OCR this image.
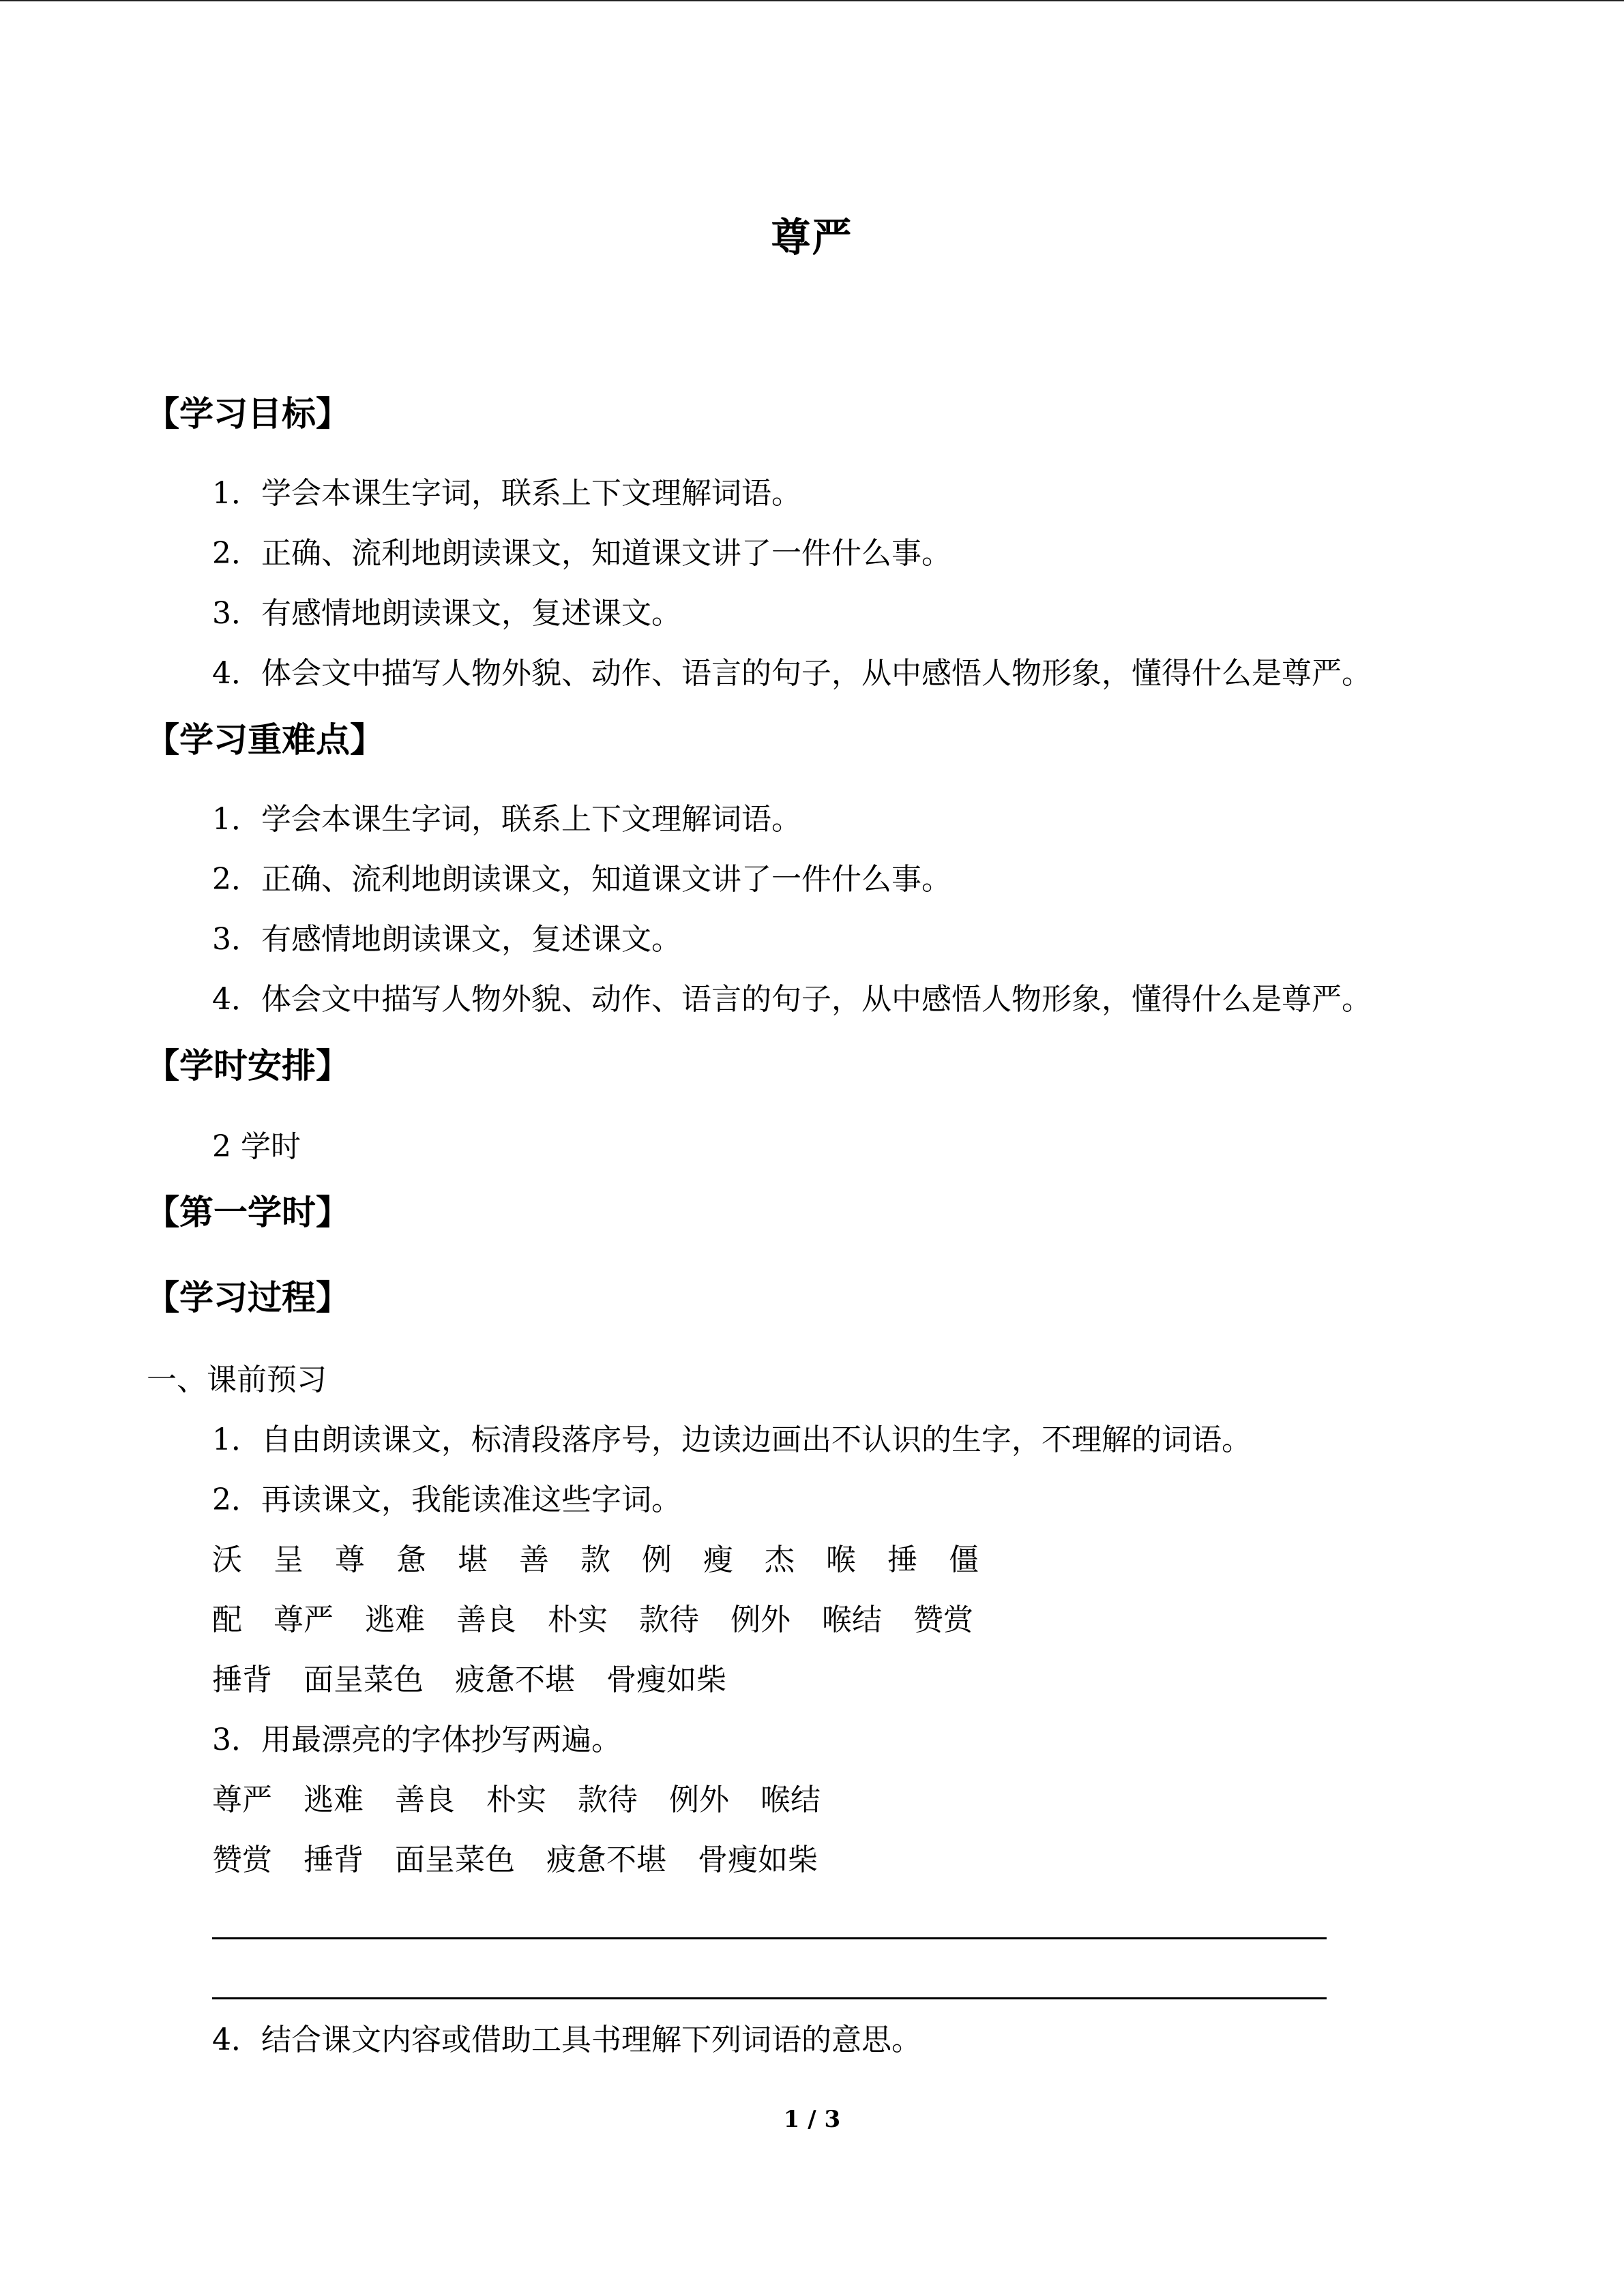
尊严
【学习目标】
1．学会本课生字词，联系上下文理解词语。
2．正确、流利地朗读课文，知道课文讲了一件什么事。
3．有感情地朗读课文，复述课文。
4．体会文中描写人物外貌、动作、语言的句子，从中感悟人物形象，懂得什么是尊严。
【学习重难点】
1．学会本课生字词，联系上下文理解词语。
2．正确、流利地朗读课文，知道课文讲了一件什么事。
3．有感情地朗读课文，复述课文。
4．体会文中描写人物外貌、动作、语言的句子，从中感悟人物形象，懂得什么是尊严。
【学时安排】
2 学时
【第一学时】
【学习过程】
一、课前预习
1．自由朗读课文，标清段落序号，边读边画出不认识的生字，不理解的词语。
2．再读课文，我能读准这些字词。
沃 呈 尊 惫 堪 善 款 例 瘦 杰 喉 捶 僵
配 尊严 逃难 善良 朴实 款待 例外 喉结 赞赏
捶背 面呈菜色 疲惫不堪 骨瘦如柴
3．用最漂亮的字体抄写两遍。
尊严 逃难 善良 朴实 款待 例外 喉结
赞赏 捶背 面呈菜色 疲惫不堪 骨瘦如柴
4．结合课文内容或借助工具书理解下列词语的意思。
1 / 3
